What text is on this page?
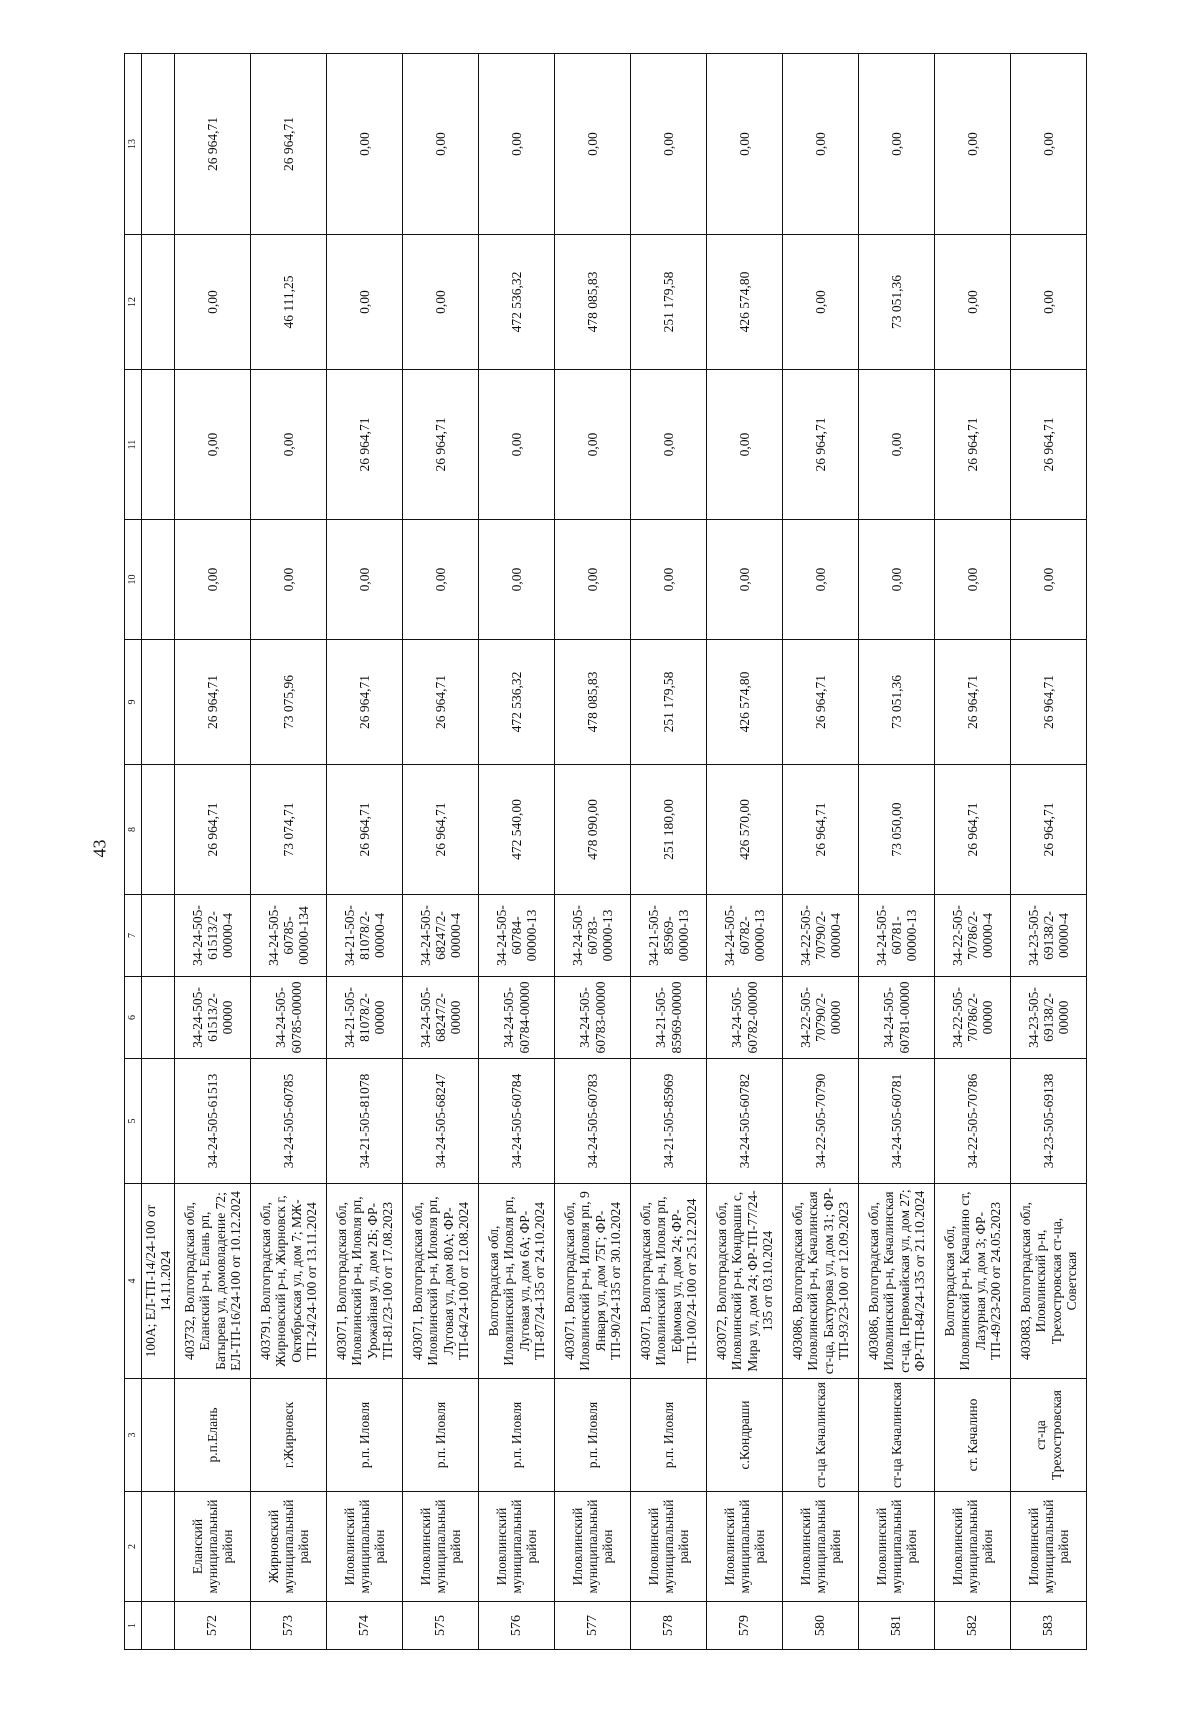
43
1	2	3	4	5	6	7	8	9	10	11	12	13
			100А; ЕЛ-ТП-14/24-100 от 14.11.2024									
572	Еланский муниципальный район	р.п.Елань	403732, Волгоградская обл, Еланский р-н, Елань рп, Батырева ул, домовладение 72; ЕЛ-ТП-16/24-100 от 10.12.2024	34-24-505-61513	34-24-505-61513/2-00000	34-24-505-61513/2-00000-4	26 964,71	26 964,71	0,00	0,00	0,00	26 964,71
573	Жирновский муниципальный район	г.Жирновск	403791, Волгоградская обл, Жирновский р-н, Жирновск г, Октябрьская ул, дом 7; МЖ-ТП-24/24-100 от 13.11.2024	34-24-505-60785	34-24-505-60785-00000	34-24-505-60785-00000-134	73 074,71	73 075,96	0,00	0,00	46 111,25	26 964,71
574	Иловлинский муниципальный район	р.п. Иловля	403071, Волгоградская обл, Иловлинский р-н, Иловля рп, Урожайная ул, дом 2Б; ФР-ТП-81/23-100 от 17.08.2023	34-21-505-81078	34-21-505-81078/2-00000	34-21-505-81078/2-00000-4	26 964,71	26 964,71	0,00	26 964,71	0,00	0,00
575	Иловлинский муниципальный район	р.п. Иловля	403071, Волгоградская обл, Иловлинский р-н, Иловля рп, Луговая ул, дом 80А; ФР-ТП-64/24-100 от 12.08.2024	34-24-505-68247	34-24-505-68247/2-00000	34-24-505-68247/2-00000-4	26 964,71	26 964,71	0,00	26 964,71	0,00	0,00
576	Иловлинский муниципальный район	р.п. Иловля	Волгоградская обл, Иловлинский р-н, Иловля рп, Луговая ул, дом 6А; ФР-ТП-87/24-135 от 24.10.2024	34-24-505-60784	34-24-505-60784-00000	34-24-505-60784-00000-13	472 540,00	472 536,32	0,00	0,00	472 536,32	0,00
577	Иловлинский муниципальный район	р.п. Иловля	403071, Волгоградская обл, Иловлинский р-н, Иловля рп, 9 Января ул, дом 75Г; ФР-ТП-90/24-135 от 30.10.2024	34-24-505-60783	34-24-505-60783-00000	34-24-505-60783-00000-13	478 090,00	478 085,83	0,00	0,00	478 085,83	0,00
578	Иловлинский муниципальный район	р.п. Иловля	403071, Волгоградская обл, Иловлинский р-н, Иловля рп, Ефимова ул, дом 24; ФР-ТП-100/24-100 от 25.12.2024	34-21-505-85969	34-21-505-85969-00000	34-21-505-85969-00000-13	251 180,00	251 179,58	0,00	0,00	251 179,58	0,00
579	Иловлинский муниципальный район	с.Кондраши	403072, Волгоградская обл, Иловлинский р-н, Кондраши с, Мира ул, дом 24; ФР-ТП-77/24-135 от 03.10.2024	34-24-505-60782	34-24-505-60782-00000	34-24-505-60782-00000-13	426 570,00	426 574,80	0,00	0,00	426 574,80	0,00
580	Иловлинский муниципальный район	ст-ца Качалинская	403086, Волгоградская обл, Иловлинский р-н, Качалинская ст-ца, Бахтурова ул, дом 31; ФР-ТП-93/23-100 от 12.09.2023	34-22-505-70790	34-22-505-70790/2-00000	34-22-505-70790/2-00000-4	26 964,71	26 964,71	0,00	26 964,71	0,00	0,00
581	Иловлинский муниципальный район	ст-ца Качалинская	403086, Волгоградская обл, Иловлинский р-н, Качалинская ст-ца, Первомайская ул, дом 27; ФР-ТП-84/24-135 от 21.10.2024	34-24-505-60781	34-24-505-60781-00000	34-24-505-60781-00000-13	73 050,00	73 051,36	0,00	0,00	73 051,36	0,00
582	Иловлинский муниципальный район	ст. Качалино	Волгоградская обл, Иловлинский р-н, Качалино ст, Лазурная ул, дом 3; ФР-ТП-49/23-200 от 24.05.2023	34-22-505-70786	34-22-505-70786/2-00000	34-22-505-70786/2-00000-4	26 964,71	26 964,71	0,00	26 964,71	0,00	0,00
583	Иловлинский муниципальный район	ст-ца Трехостровская	403083, Волгоградская обл, Иловлинский р-н, Трехостровская ст-ца, Советская	34-23-505-69138	34-23-505-69138/2-00000	34-23-505-69138/2-00000-4	26 964,71	26 964,71	0,00	26 964,71	0,00	0,00
